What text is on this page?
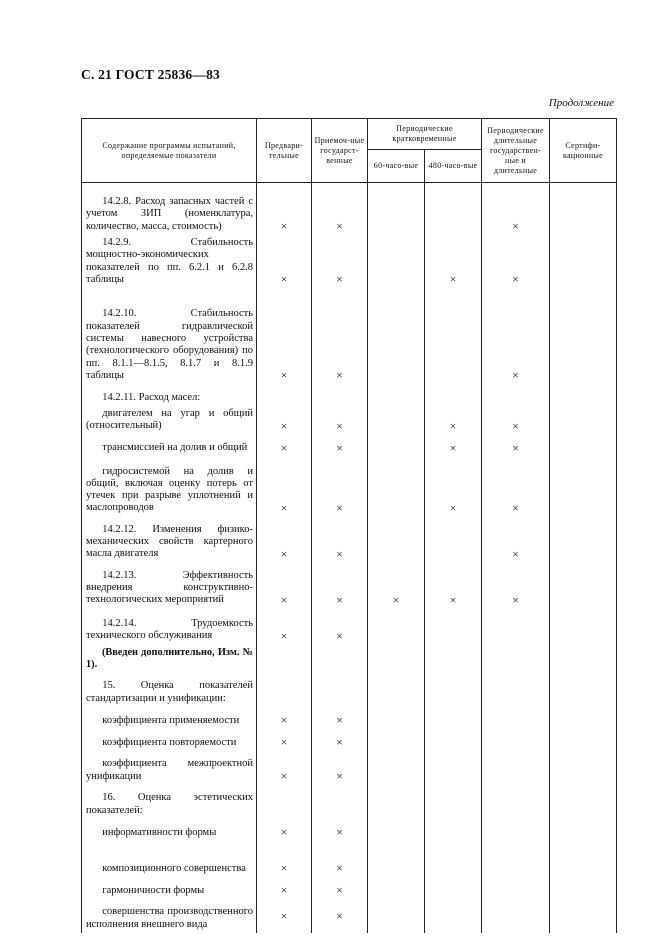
С. 21 ГОСТ 25836—83
Продолжение
Содержание программы испытаний, определяемые показатели	Предвари-тельные	Приемоч-ные государст-венные	Периодические кратковременные		Периодические длительные государствен-ные и длительные	Сертифи-кационные
			60-часо-вые	480-часо-вые		

14.2.8. Расход запасных частей с учетом ЗИП (номенклатура, количество, масса, стоимость)	×	×			×	

14.2.9. Стабильность мощностно-экономических показателей по пп. 6.2.1 и 6.2.8 таблицы	×	×		×	×	

14.2.10. Стабильность показателей гидравлической системы навесного устройства (технологического оборудования) по пп. 8.1.1—8.1.5, 8.1.7 и 8.1.9 таблицы	×	×			×	

14.2.11. Расход масел:						

двигателем на угар и общий (относительный)	×	×		×	×	

трансмиссией на долив и общий	×	×		×	×	

гидросистемой на долив и общий, включая оценку потерь от утечек при разрыве уплотнений и маслопроводов	×	×		×	×	

14.2.12. Изменения физико-механических свойств картерного масла двигателя	×	×			×	

14.2.13. Эффективность внедрения конструктивно-технологических мероприятий	×	×	×	×	×	

14.2.14. Трудоемкость технического обслуживания	×	×				

(Введен дополнительно, Изм. № 1).						

15. Оценка показателей стандартизации и унификации:						

коэффициента применяемости	×	×				

коэффициента повторяемости	×	×				

коэффициента межпроектной унификации	×	×				

16. Оценка эстетических показателей:						

информативности формы	×	×				

композиционного совершенства	×	×				

гармоничности формы	×	×				

совершенства производственного исполнения внешнего вида	×	×				
